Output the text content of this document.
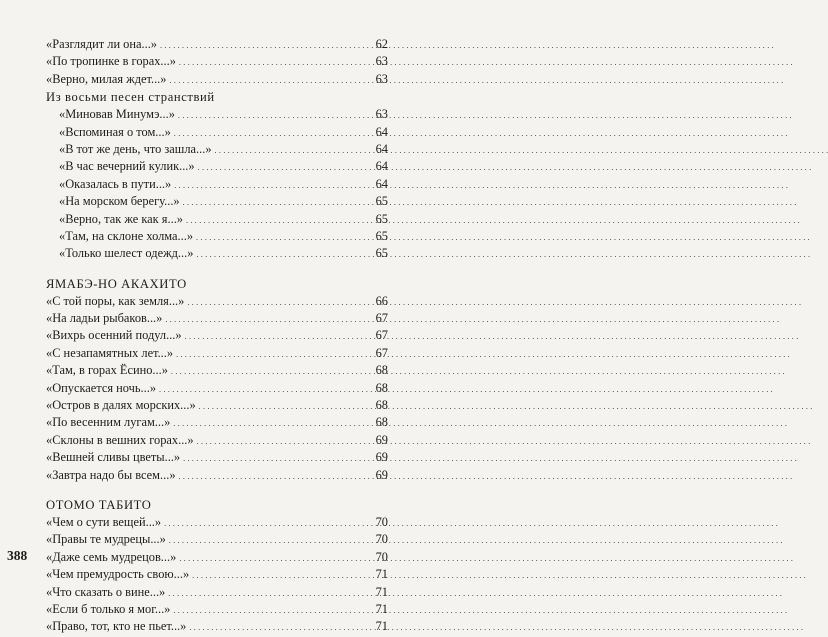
«Разглядит ли она...» . . .	62
«По тропинке в горах...» . . .	63
«Верно, милая ждет...» . . .	63
Из восьми песен странствий
«Миновав Минумэ...» . . .	63
«Вспоминая о том...» . . .	64
«В тот же день, что зашла...» . . .	64
«В час вечерний кулик...» . . .	64
«Оказалась в пути...» . . .	64
«На морском берегу...» . . .	65
«Верно, так же как я...» . . .	65
«Там, на склоне холма...» . . .	65
«Только шелест одежд...» . . .	65
ЯМАБЭ-НО АКАХИТО
«С той поры, как земля...» . . .	66
«На ладьи рыбаков...» . . .	67
«Вихрь осенний подул...» . . .	67
«С незапамятных лет...» . . .	67
«Там, в горах Ёсино...» . . .	68
«Опускается ночь...» . . .	68
«Остров в далях морских...» . . .	68
«По весенним лугам...» . . .	68
«Склоны в вешних горах...» . . .	69
«Вешней сливы цветы...» . . .	69
«Завтра надо бы всем...» . . .	69
ОТОМО ТАБИТО
«Чем о сути вещей...» . . .	70
«Правы те мудрецы...» . . .	70
«Даже семь мудрецов...» . . .	70
«Чем премудрость свою...» . . .	71
«Что сказать о вине...» . . .	71
«Если б только я мог...» . . .	71
«Право, тот, кто не пьет...» . . .	71
388
